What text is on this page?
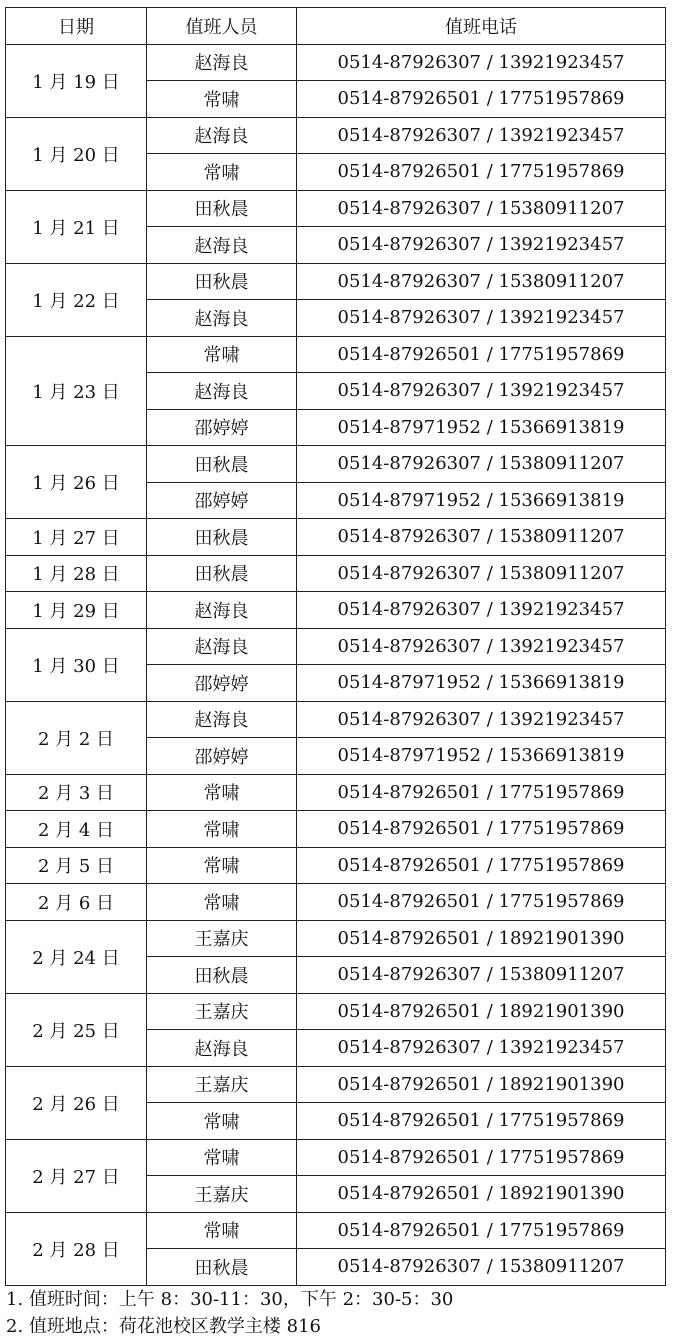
日期	值班人员	值班电话
1 月 19 日	赵海良	0514-87926307 / 13921923457
	常啸	0514-87926501 / 17751957869
1 月 20 日	赵海良	0514-87926307 / 13921923457
	常啸	0514-87926501 / 17751957869
1 月 21 日	田秋晨	0514-87926307 / 15380911207
	赵海良	0514-87926307 / 13921923457
1 月 22 日	田秋晨	0514-87926307 / 15380911207
	赵海良	0514-87926307 / 13921923457
1 月 23 日	常啸	0514-87926501 / 17751957869
	赵海良	0514-87926307 / 13921923457
	邵婷婷	0514-87971952 / 15366913819
1 月 26 日	田秋晨	0514-87926307 / 15380911207
	邵婷婷	0514-87971952 / 15366913819
1 月 27 日	田秋晨	0514-87926307 / 15380911207
1 月 28 日	田秋晨	0514-87926307 / 15380911207
1 月 29 日	赵海良	0514-87926307 / 13921923457
1 月 30 日	赵海良	0514-87926307 / 13921923457
	邵婷婷	0514-87971952 / 15366913819
2 月 2 日	赵海良	0514-87926307 / 13921923457
	邵婷婷	0514-87971952 / 15366913819
2 月 3 日	常啸	0514-87926501 / 17751957869
2 月 4 日	常啸	0514-87926501 / 17751957869
2 月 5 日	常啸	0514-87926501 / 17751957869
2 月 6 日	常啸	0514-87926501 / 17751957869
2 月 24 日	王嘉庆	0514-87926501 / 18921901390
	田秋晨	0514-87926307 / 15380911207
2 月 25 日	王嘉庆	0514-87926501 / 18921901390
	赵海良	0514-87926307 / 13921923457
2 月 26 日	王嘉庆	0514-87926501 / 18921901390
	常啸	0514-87926501 / 17751957869
2 月 27 日	常啸	0514-87926501 / 17751957869
	王嘉庆	0514-87926501 / 18921901390
2 月 28 日	常啸	0514-87926501 / 17751957869
	田秋晨	0514-87926307 / 15380911207
1. 值班时间：上午 8：30-11：30，下午 2：30-5：30
2. 值班地点：荷花池校区教学主楼 816
